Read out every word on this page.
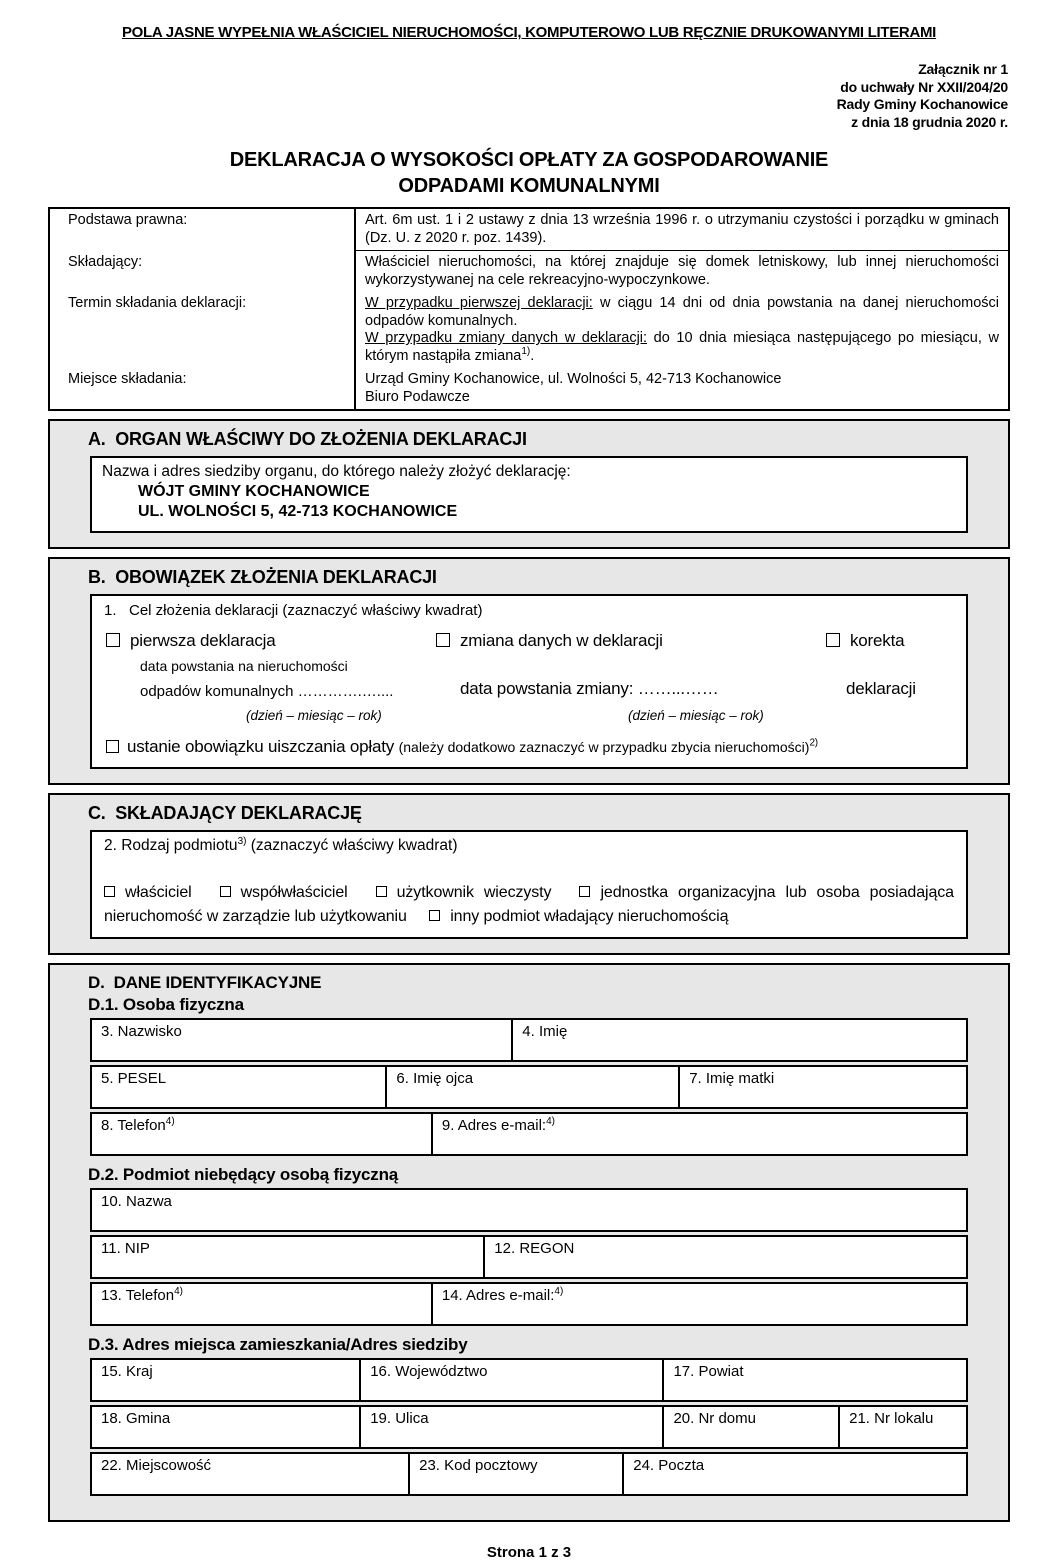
POLA JASNE WYPEŁNIA WŁAŚCICIEL NIERUCHOMOŚCI, KOMPUTEROWO LUB RĘCZNIE DRUKOWANYMI LITERAMI
Załącznik nr 1
do uchwały Nr XXII/204/20
Rady Gminy Kochanowice
z dnia 18 grudnia 2020 r.
DEKLARACJA O WYSOKOŚCI OPŁATY ZA GOSPODAROWANIE
ODPADAMI KOMUNALNYMI
Podstawa prawna:	Art. 6m ust. 1 i 2 ustawy z dnia 13 września 1996 r. o utrzymaniu czystości i porządku w gminach (Dz. U. z 2020 r. poz. 1439).
Składający:	Właściciel nieruchomości, na której znajduje się domek letniskowy, lub innej nieruchomości wykorzystywanej na cele rekreacyjno-wypoczynkowe.
Termin składania deklaracji:	W przypadku pierwszej deklaracji: w ciągu 14 dni od dnia powstania na danej nieruchomości odpadów komunalnych.
W przypadku zmiany danych w deklaracji: do 10 dnia miesiąca następującego po miesiącu, w którym nastąpiła zmiana$^{1)}$.
Miejsce składania:	Urząd Gminy Kochanowice, ul. Wolności 5, 42-713 Kochanowice
Biuro Podawcze
A.  ORGAN WŁAŚCIWY DO ZŁOŻENIA DEKLARACJI
Nazwa i adres siedziby organu, do którego należy złożyć deklarację:
WÓJT GMINY KOCHANOWICE
UL. WOLNOŚCI 5, 42-713 KOCHANOWICE
B.  OBOWIĄZEK ZŁOŻENIA DEKLARACJI
1.   Cel złożenia deklaracji (zaznaczyć właściwy kwadrat)
pierwsza deklaracja	zmiana danych w deklaracji	korekta
data powstania na nieruchomości
odpadów komunalnych ………….…....	data powstania zmiany: ……...……	deklaracji
(dzień – miesiąc – rok)	(dzień – miesiąc – rok)
ustanie obowiązku uiszczania opłaty (należy dodatkowo zaznaczyć w przypadku zbycia nieruchomości)$^{2)}$
C.  SKŁADAJĄCY DEKLARACJĘ
2. Rodzaj podmiotu$^{3)}$ (zaznaczyć właściwy kwadrat)
właściciel	współwłaściciel	użytkownik wieczysty	jednostka organizacyjna lub osoba posiadająca nieruchomość w zarządzie lub użytkowaniu	inny podmiot władający nieruchomością
D.  DANE IDENTYFIKACYJNE
D.1. Osoba fizyczna
3. Nazwisko	4. Imię
5. PESEL	6. Imię ojca	7. Imię matki
8. Telefon$^{4)}$	9. Adres e-mail:$^{4)}$
D.2. Podmiot niebędący osobą fizyczną
10. Nazwa
11. NIP	12. REGON
13. Telefon$^{4)}$	14. Adres e-mail:$^{4)}$
D.3. Adres miejsca zamieszkania/Adres siedziby
15. Kraj	16. Województwo	17. Powiat
18. Gmina	19. Ulica	20. Nr domu	21. Nr lokalu
22. Miejscowość	23. Kod pocztowy	24. Poczta
Strona 1 z 3
